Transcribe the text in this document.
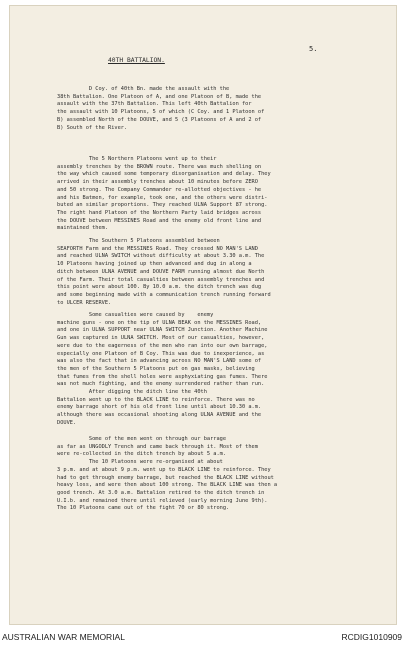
5.
40TH BATTALION.

D Coy. of 40th Bn. made the assault with the
38th Battalion. One Platoon of A, and one Platoon of B, made the
assault with the 37th Battalion. This left 40th Battalion for
the assault with 10 Platoons, 5 of which (C Coy. and 1 Platoon of
B) assembled North of the DOUVE, and 5 (3 Platoons of A and 2 of
B) South of the River.

The 5 Northern Platoons went up to their
assembly trenches by the BROWN route. There was much shelling on
the way which caused some temporary disorganisation and delay. They
arrived in their assembly trenches about 10 minutes before ZERO
and 50 strong. The Company Commander re-allotted objectives - he
and his Batmen, for example, took one, and the others were distri-
buted an similar proportions. They reached ULNA Support 87 strong.
The right hand Platoon of the Northern Party laid bridges across
the DOUVE between MESSINES Road and the enemy old front line and
maintained them.

The Southern 5 Platoons assembled between
SEAFORTH Farm and the MESSINES Road. They crossed NO MAN'S LAND
and reached ULNA SWITCH without difficulty at about 3.30 a.m. The
10 Platoons having joined up then advanced and dug in along a
ditch between ULNA AVENUE and DOUVE FARM running almost due North
of the Farm. Their total casualties between assembly trenches and
this point were about 100. By 10.0 a.m. the ditch trench was dug
and some beginning made with a communication trench running forward
to ULCER RESERVE.

Some casualties were caused by    enemy
machine guns - one on the tip of ULNA BEAK on the MESSINES Road,
and one in ULNA SUPPORT near ULNA SWITCH Junction. Another Machine
Gun was captured in ULNA SWITCH. Most of our casualties, however,
were due to the eagerness of the men who ran into our own barrage,
especially one Platoon of B Coy. This was due to inexperience, as
was also the fact that in advancing across NO MAN'S LAND some of
the men of the Southern 5 Platoons put on gas masks, believing
that fumes from the shell holes were asphyxiating gas fumes. There
was not much fighting, and the enemy surrendered rather than run.
After digging the ditch line the 40th
Battalion went up to the BLACK LINE to reinforce. There was no
enemy barrage short of his old front line until about 10.30 a.m.
although there was occasional shooting along ULNA AVENUE and the
DOUVE.

Some of the men went on through our barrage
as far as UNGODLY Trench and came back through it. Most of them
were re-collected in the ditch trench by about 5 a.m.
The 10 Platoons were re-organised at about
3 p.m. and at about 9 p.m. went up to BLACK LINE to reinforce. They
had to get through enemy barrage, but reached the BLACK LINE without
heavy loss, and were then about 100 strong. The BLACK LINE was then a
good trench. At 3.0 a.m. Battalion retired to the ditch trench in
U.I.b. and remained there until relieved (early morning June 9th).
The 10 Platoons came out of the fight 70 or 80 strong.

AUSTRALIAN WAR MEMORIAL	RCDIG1010909
